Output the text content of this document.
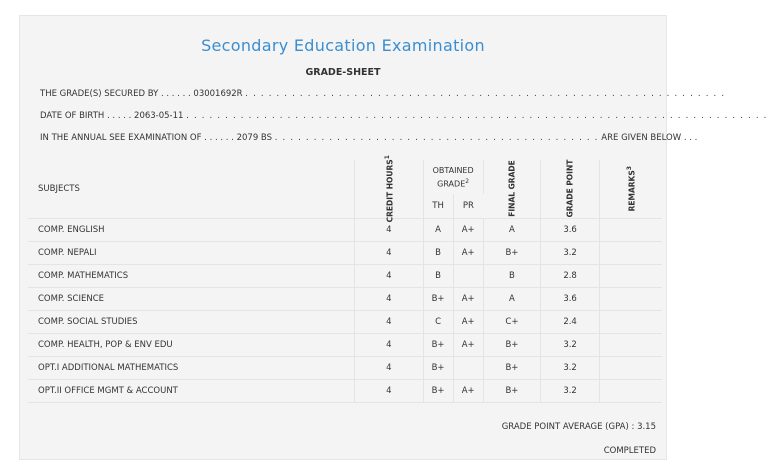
Secondary Education Examination
GRADE-SHEET
THE GRADE(S) SECURED BY . . . . . . 03001692R . . . . . . . . . . . . . . . . . . . . . . . . . . . . . . . . . . . . . . . . . . . . . . . . . . . . . . . . . . . . . .
DATE OF BIRTH . . . . . 2063-05-11 . . . . . . . . . . . . . . . . . . . . . . . . . . . . . . . . . . . . . . . . . . . . . . . . . . . . . . . . . . . . . . . . . . . . . . . . . . .
IN THE ANNUAL SEE EXAMINATION OF . . . . . . 2079 BS . . . . . . . . . . . . . . . . . . . . . . . . . . . . . . . . . . . . . . . . . . ARE GIVEN BELOW . . .
SUBJECTS	CREDIT HOURS$^1$	OBTAINED GRADE$^2$		FINAL GRADE	GRADE POINT	REMARKS$^3$
		TH	PR			
COMP. ENGLISH	4	A	A+	A	3.6	
COMP. NEPALI	4	B	A+	B+	3.2	
COMP. MATHEMATICS	4	B		B	2.8	
COMP. SCIENCE	4	B+	A+	A	3.6	
COMP. SOCIAL STUDIES	4	C	A+	C+	2.4	
COMP. HEALTH, POP & ENV EDU	4	B+	A+	B+	3.2	
OPT.I ADDITIONAL MATHEMATICS	4	B+		B+	3.2	
OPT.II OFFICE MGMT & ACCOUNT	4	B+	A+	B+	3.2	
GRADE POINT AVERAGE (GPA) : 3.15
COMPLETED
